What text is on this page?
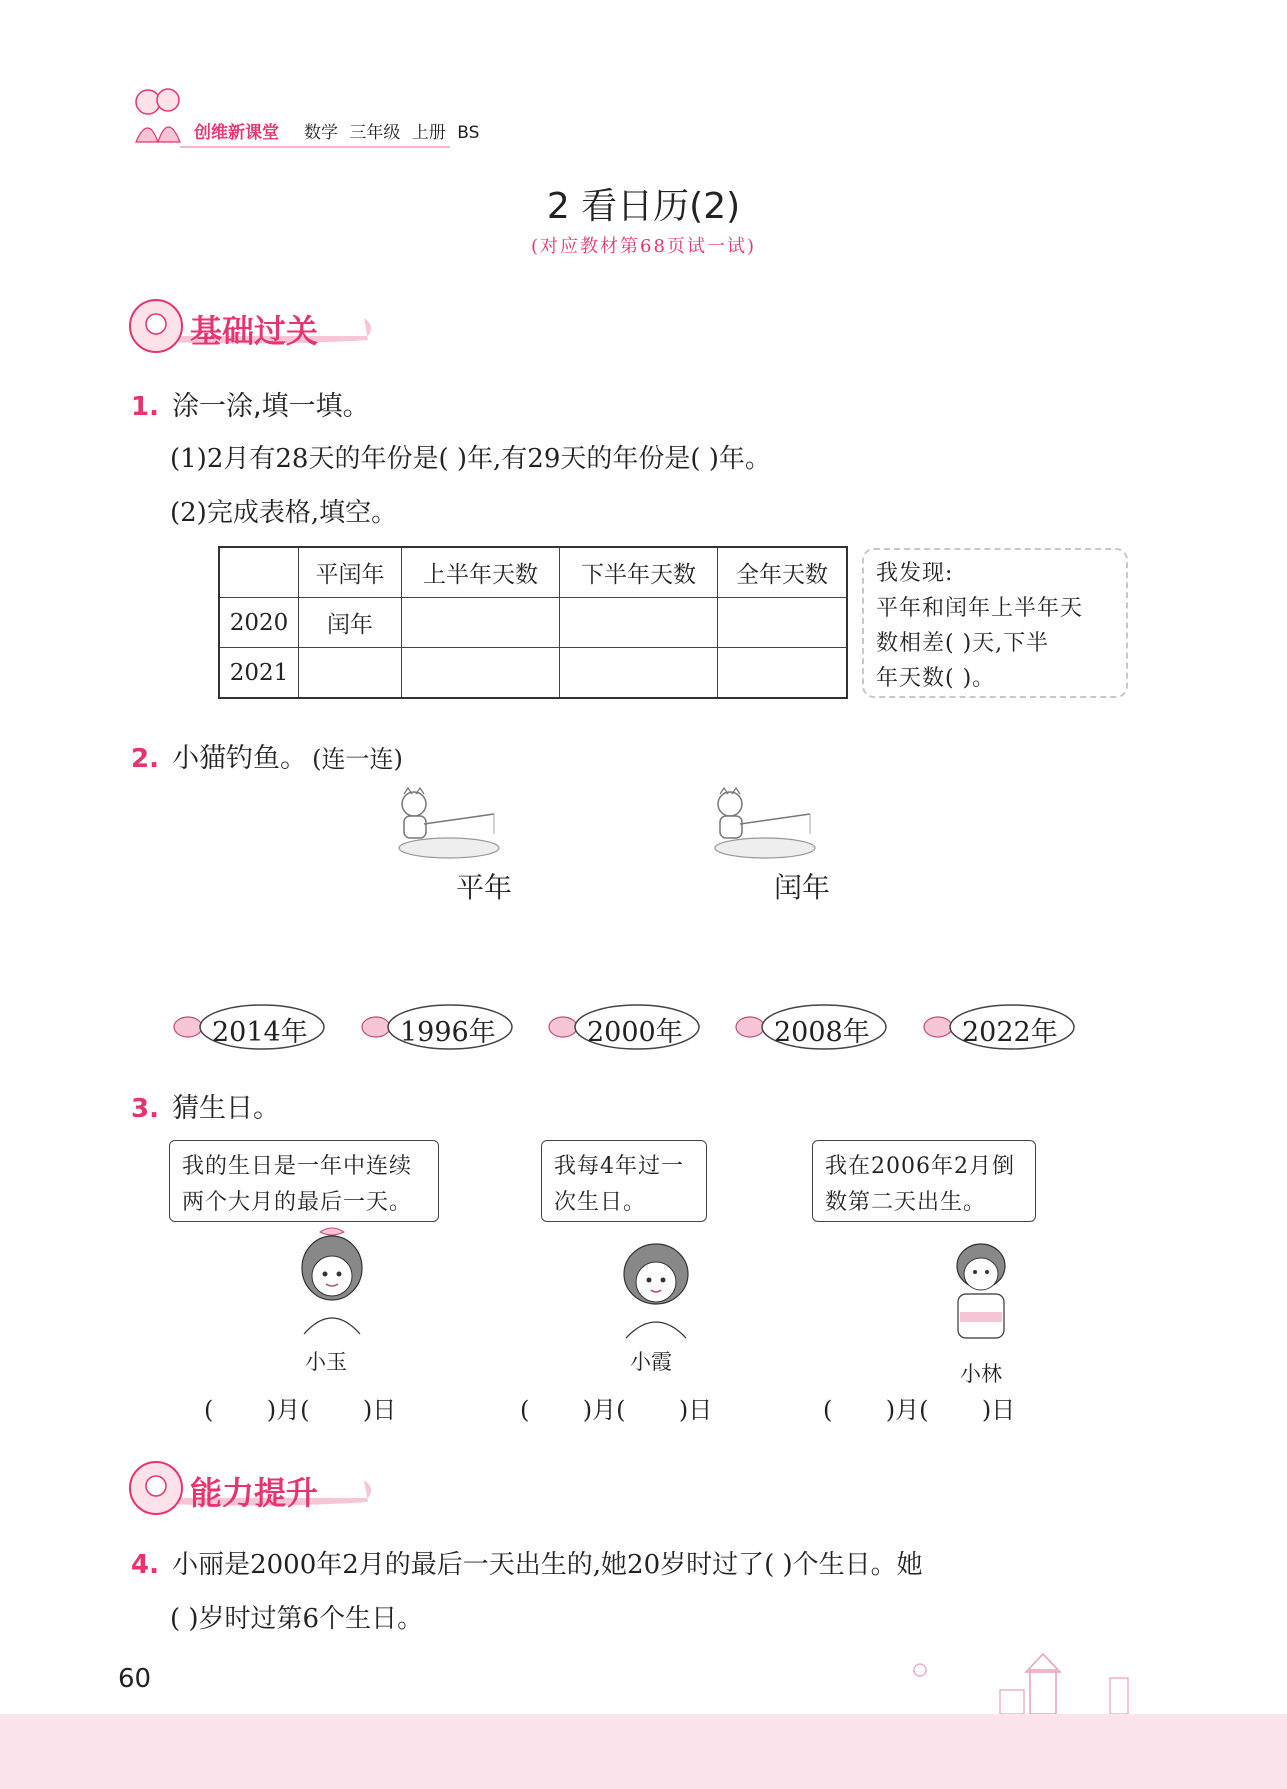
创维新课堂 数学 三年级 上册 BS
2 看日历(2)
(对应教材第68页试一试)
基础过关
1. 涂一涂,填一填。
(1)2月有28天的年份是( )年,有29天的年份是( )年。
(2)完成表格,填空。
	平闰年	上半年天数	下半年天数	全年天数
2020	闰年			
2021				
我发现:
平年和闰年上半年天
数相差( )天,下半
年天数( )。
2. 小猫钓鱼。 (连一连)
平年	闰年
2014年	1996年	2000年	2008年	2022年
3. 猜生日。
我的生日是一年中连续
两个大月的最后一天。
小玉
(       )月(       )日
我每4年过一
次生日。
小霞
(       )月(       )日
我在2006年2月倒
数第二天出生。
小林
(       )月(       )日
能力提升
4. 小丽是2000年2月的最后一天出生的,她20岁时过了( )个生日。她
( )岁时过第6个生日。
60
